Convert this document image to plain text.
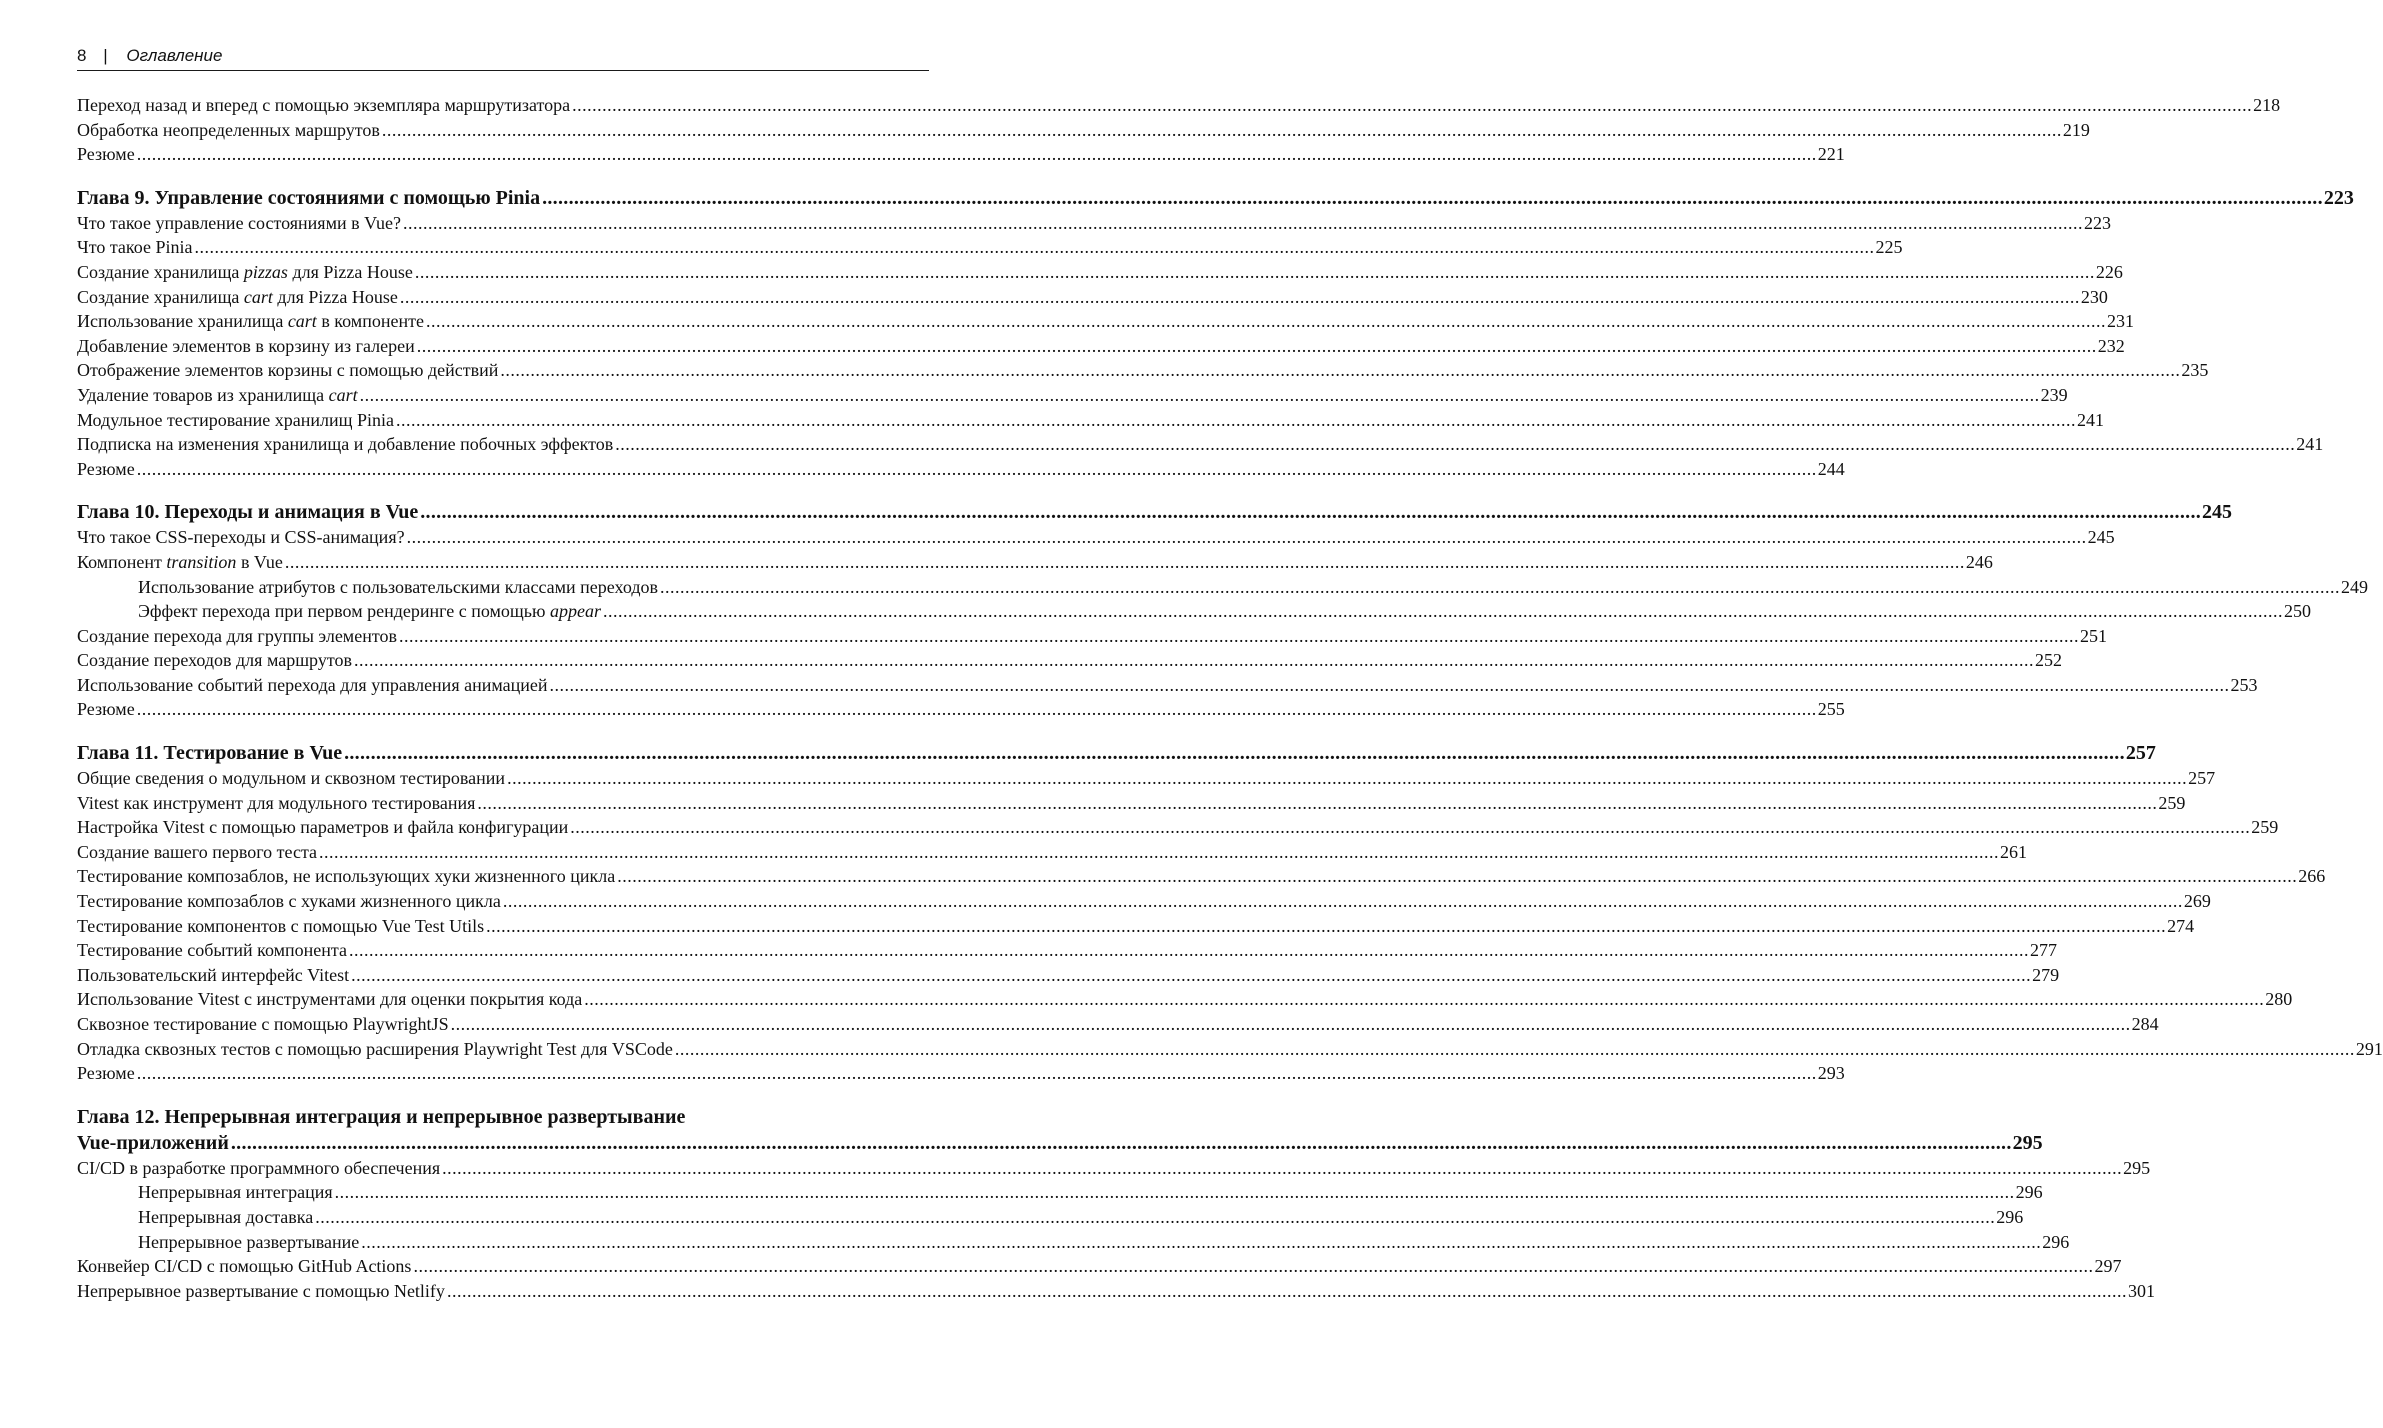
8 | Оглавление
Переход назад и вперед с помощью экземпляра маршрутизатора .....	218
Обработка неопределенных маршрутов .....	219
Резюме .....	221
Глава 9. Управление состояниями с помощью Pinia .....	223
Что такое управление состояниями в Vue? .....	223
Что такое Pinia .....	225
Создание хранилища pizzas для Pizza House .....	226
Создание хранилища cart для Pizza House .....	230
Использование хранилища cart в компоненте .....	231
Добавление элементов в корзину из галереи .....	232
Отображение элементов корзины с помощью действий .....	235
Удаление товаров из хранилища cart .....	239
Модульное тестирование хранилищ Pinia .....	241
Подписка на изменения хранилища и добавление побочных эффектов .....	241
Резюме .....	244
Глава 10. Переходы и анимация в Vue .....	245
Что такое CSS-переходы и CSS-анимация? .....	245
Компонент transition в Vue .....	246
Использование атрибутов с пользовательскими классами переходов .....	249
Эффект перехода при первом рендеринге с помощью appear .....	250
Создание перехода для группы элементов .....	251
Создание переходов для маршрутов .....	252
Использование событий перехода для управления анимацией .....	253
Резюме .....	255
Глава 11. Тестирование в Vue .....	257
Общие сведения о модульном и сквозном тестировании .....	257
Vitest как инструмент для модульного тестирования .....	259
Настройка Vitest с помощью параметров и файла конфигурации .....	259
Создание вашего первого теста .....	261
Тестирование композаблов, не использующих хуки жизненного цикла .....	266
Тестирование композаблов с хуками жизненного цикла .....	269
Тестирование компонентов с помощью Vue Test Utils .....	274
Тестирование событий компонента .....	277
Пользовательский интерфейс Vitest .....	279
Использование Vitest с инструментами для оценки покрытия кода .....	280
Сквозное тестирование с помощью PlaywrightJS .....	284
Отладка сквозных тестов с помощью расширения Playwright Test для VSCode .....	291
Резюме .....	293
Глава 12. Непрерывная интеграция и непрерывное развертывание
Vue-приложений .....	295
CI/CD в разработке программного обеспечения .....	295
Непрерывная интеграция .....	296
Непрерывная доставка .....	296
Непрерывное развертывание .....	296
Конвейер CI/CD с помощью GitHub Actions .....	297
Непрерывное развертывание с помощью Netlify .....	301
